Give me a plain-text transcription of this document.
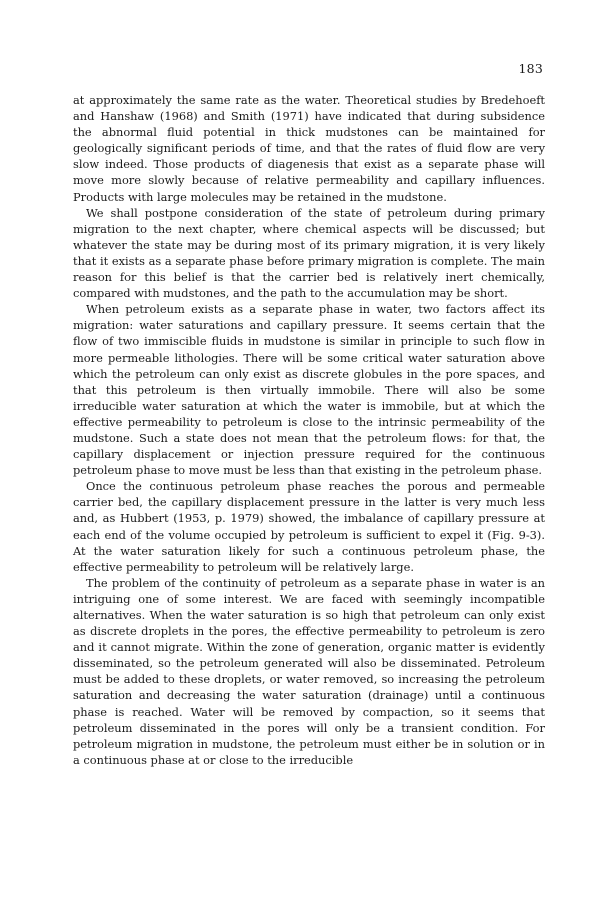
183

at approximately the same rate as the water. Theoretical studies by Bredehoeft and Hanshaw (1968) and Smith (1971) have indicated that during subsidence the abnormal fluid potential in thick mudstones can be maintained for geologically significant periods of time, and that the rates of fluid flow are very slow indeed. Those products of diagenesis that exist as a separate phase will move more slowly because of relative permeability and capillary influences. Products with large molecules may be retained in the mudstone.

We shall postpone consideration of the state of petroleum during primary migration to the next chapter, where chemical aspects will be discussed; but whatever the state may be during most of its primary migration, it is very likely that it exists as a separate phase before primary migration is complete. The main reason for this belief is that the carrier bed is relatively inert chemically, compared with mudstones, and the path to the accumulation may be short.

When petroleum exists as a separate phase in water, two factors affect its migration: water saturations and capillary pressure. It seems certain that the flow of two immiscible fluids in mudstone is similar in principle to such flow in more permeable lithologies. There will be some critical water saturation above which the petroleum can only exist as discrete globules in the pore spaces, and that this petroleum is then virtually immobile. There will also be some irreducible water saturation at which the water is immobile, but at which the effective permeability to petroleum is close to the intrinsic permeability of the mudstone. Such a state does not mean that the petroleum flows: for that, the capillary displacement or injection pressure required for the continuous petroleum phase to move must be less than that existing in the petroleum phase.

Once the continuous petroleum phase reaches the porous and permeable carrier bed, the capillary displacement pressure in the latter is very much less and, as Hubbert (1953, p. 1979) showed, the imbalance of capillary pressure at each end of the volume occupied by petroleum is sufficient to expel it (Fig. 9-3). At the water saturation likely for such a continuous petroleum phase, the effective permeability to petroleum will be relatively large.

The problem of the continuity of petroleum as a separate phase in water is an intriguing one of some interest. We are faced with seemingly incompatible alternatives. When the water saturation is so high that petroleum can only exist as discrete droplets in the pores, the effective permeability to petroleum is zero and it cannot migrate. Within the zone of generation, organic matter is evidently disseminated, so the petroleum generated will also be disseminated. Petroleum must be added to these droplets, or water removed, so increasing the petroleum saturation and decreasing the water saturation (drainage) until a continuous phase is reached. Water will be removed by compaction, so it seems that petroleum disseminated in the pores will only be a transient condition. For petroleum migration in mudstone, the petroleum must either be in solution or in a continuous phase at or close to the irreducible
